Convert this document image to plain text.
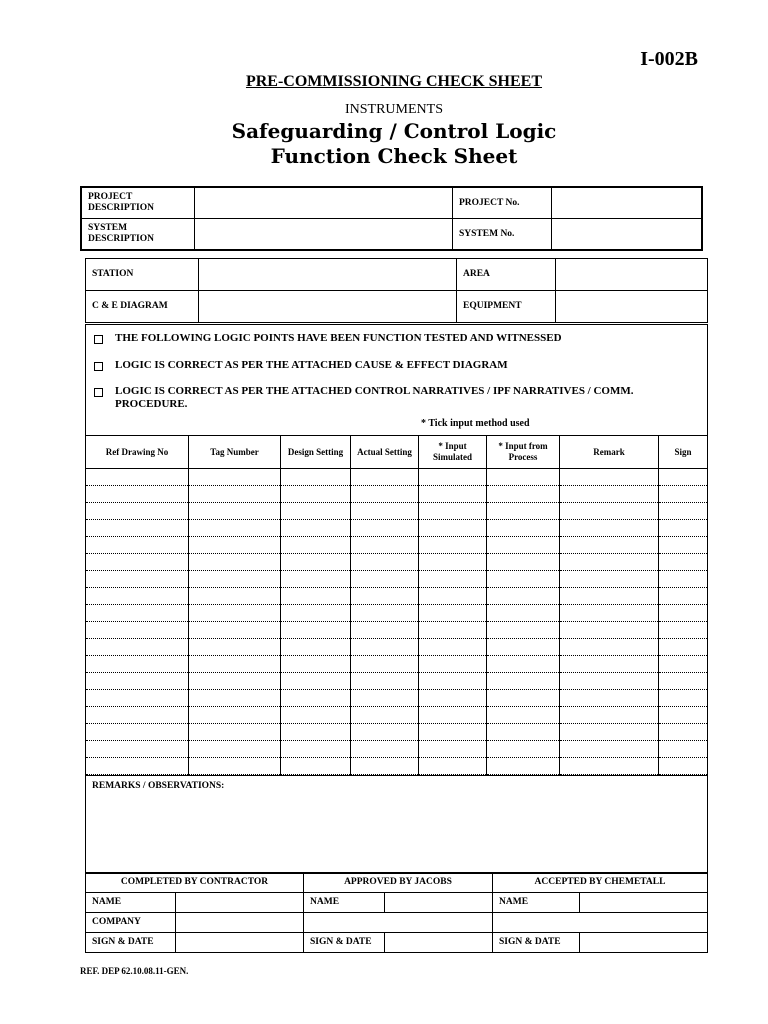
I-002B
PRE-COMMISSIONING CHECK SHEET
INSTRUMENTS
Safeguarding / Control Logic
Function Check Sheet
PROJECT DESCRIPTION		PROJECT No.	
SYSTEM DESCRIPTION		SYSTEM No.	
STATION		AREA	
C & E DIAGRAM		EQUIPMENT	
THE FOLLOWING LOGIC POINTS HAVE BEEN FUNCTION TESTED AND WITNESSED
LOGIC IS CORRECT AS PER THE ATTACHED CAUSE & EFFECT DIAGRAM
LOGIC IS CORRECT AS PER THE ATTACHED CONTROL NARRATIVES / IPF NARRATIVES / COMM. PROCEDURE.
* Tick input method used
Ref Drawing No	Tag Number	Design Setting	Actual Setting	* Input Simulated	* Input from Process	Remark	Sign

REMARKS / OBSERVATIONS:
COMPLETED BY CONTRACTOR		APPROVED BY JACOBS		ACCEPTED BY CHEMETALL	
NAME		NAME		NAME	
COMPANY					
SIGN & DATE		SIGN & DATE		SIGN & DATE	
REF. DEP 62.10.08.11-GEN.
